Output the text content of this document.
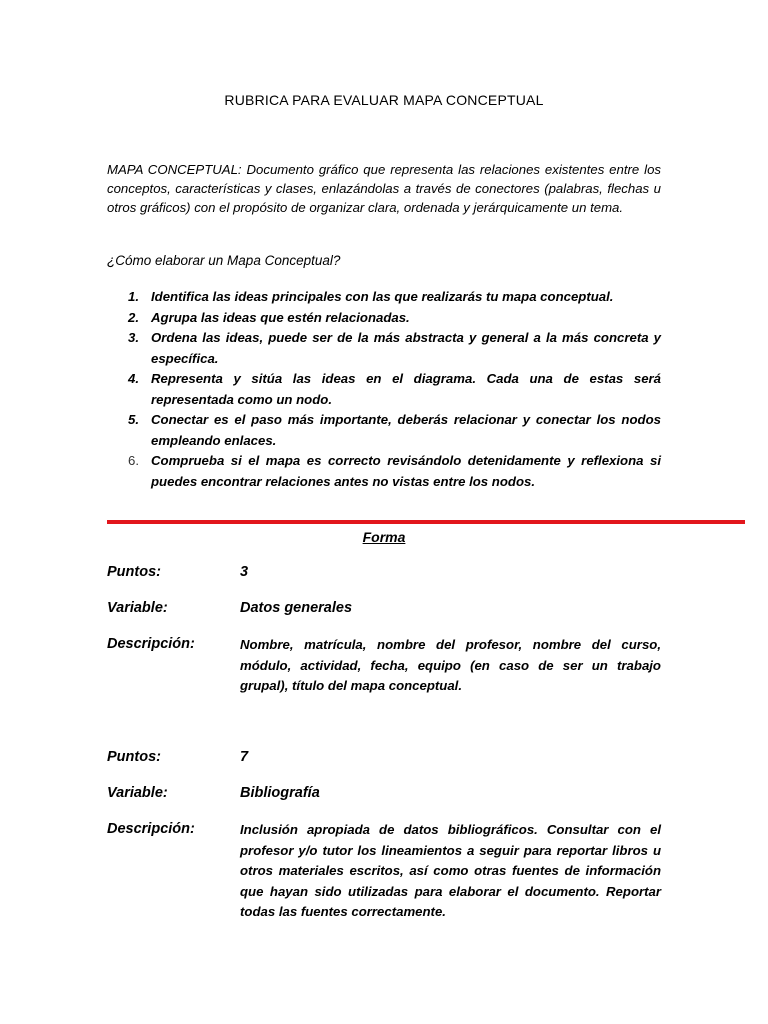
RUBRICA PARA EVALUAR MAPA CONCEPTUAL
MAPA CONCEPTUAL: Documento gráfico que representa las relaciones existentes entre los conceptos, características y clases, enlazándolas a través de conectores (palabras, flechas u otros gráficos) con el propósito de organizar clara, ordenada y jerárquicamente un tema.
¿Cómo elaborar un Mapa Conceptual?
1. Identifica las ideas principales con las que realizarás tu mapa conceptual.
2. Agrupa las ideas que estén relacionadas.
3. Ordena las ideas, puede ser de la más abstracta y general a la más concreta y específica.
4. Representa y sitúa las ideas en el diagrama. Cada una de estas será representada como un nodo.
5. Conectar es el paso más importante, deberás relacionar y conectar los nodos empleando enlaces.
6. Comprueba si el mapa es correcto revisándolo detenidamente y reflexiona si puedes encontrar relaciones antes no vistas entre los nodos.
Forma
Puntos:	3
Variable:	Datos generales
Descripción:	Nombre, matrícula, nombre del profesor, nombre del curso, módulo, actividad, fecha, equipo (en caso de ser un trabajo grupal), título del mapa conceptual.
Puntos:	7
Variable:	Bibliografía
Descripción:	Inclusión apropiada de datos bibliográficos. Consultar con el profesor y/o tutor los lineamientos a seguir para reportar libros u otros materiales escritos, así como otras fuentes de información que hayan sido utilizadas para elaborar el documento. Reportar todas las fuentes correctamente.
